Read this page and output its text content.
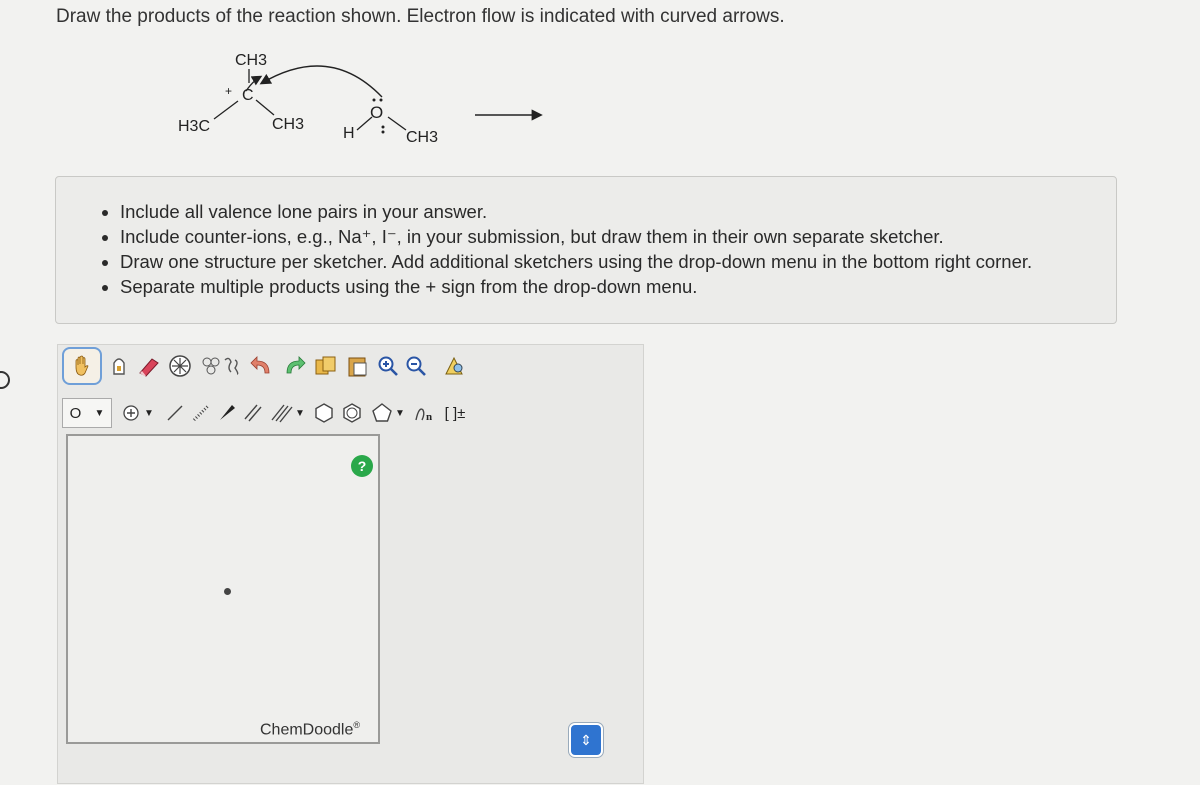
Draw the products of the reaction shown. Electron flow is indicated with curved arrows.
CH3
+ C
H3C	CH3
H
O
CH3
• Include all valence lone pairs in your answer.
• Include counter-ions, e.g., Na⁺, I⁻, in your submission, but draw them in their own separate sketcher.
• Draw one structure per sketcher. Add additional sketchers using the drop-down menu in the bottom right corner.
• Separate multiple products using the + sign from the drop-down menu.
O ▼	▼	▼	▼ n [ ]±
?
ChemDoodle®
⇕
